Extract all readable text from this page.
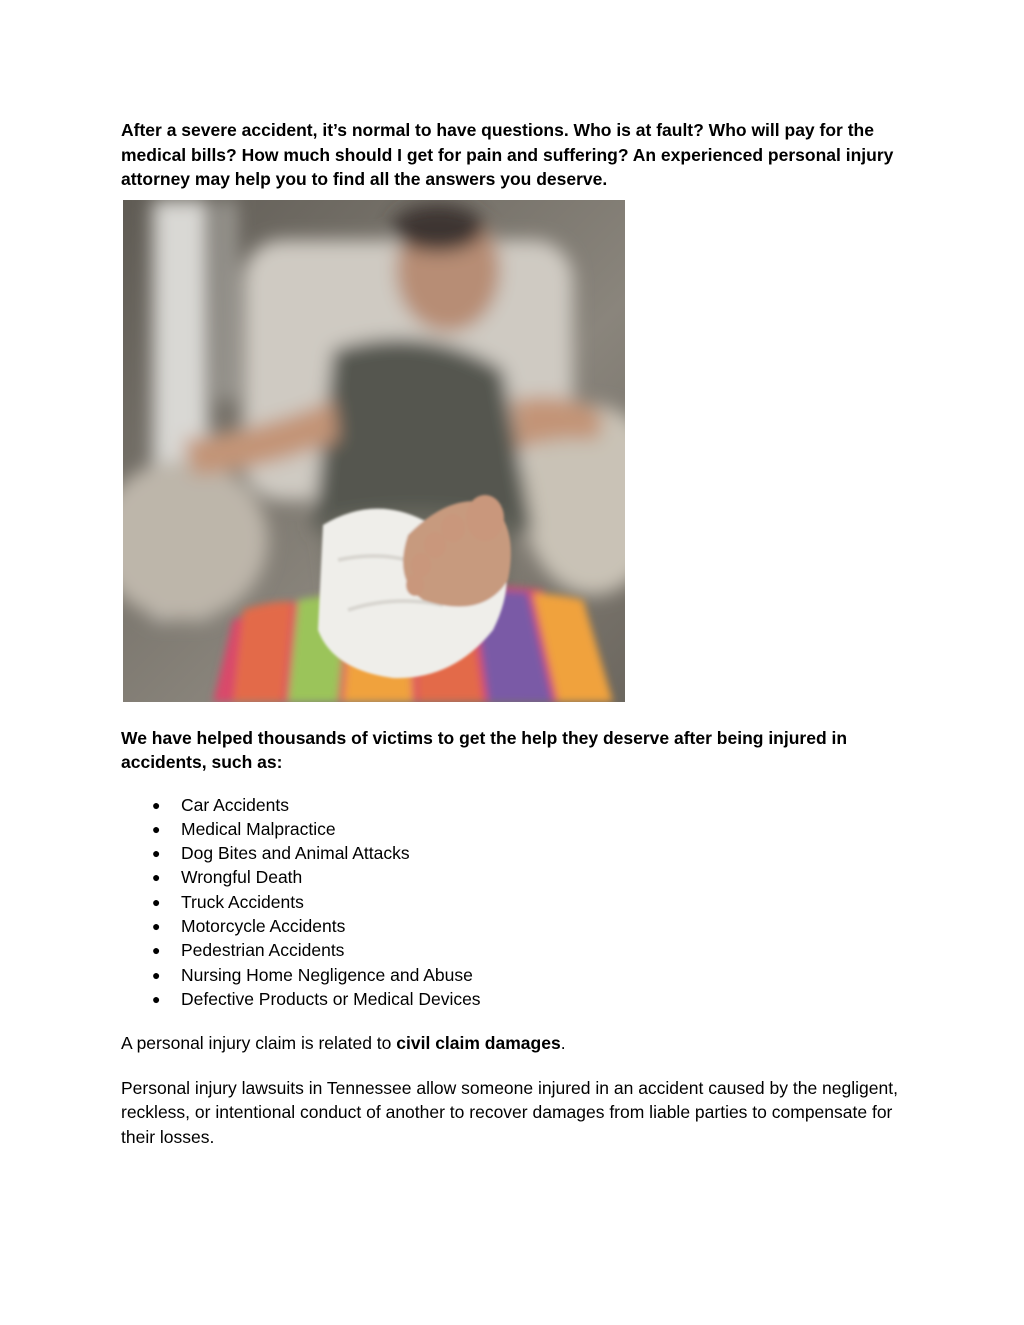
After a severe accident, it’s normal to have questions. Who is at fault? Who will pay for the medical bills? How much should I get for pain and suffering? An experienced personal injury attorney may help you to find all the answers you deserve.

We have helped thousands of victims to get the help they deserve after being injured in accidents, such as:

● Car Accidents
● Medical Malpractice
● Dog Bites and Animal Attacks
● Wrongful Death
● Truck Accidents
● Motorcycle Accidents
● Pedestrian Accidents
● Nursing Home Negligence and Abuse
● Defective Products or Medical Devices

A personal injury claim is related to civil claim damages.

Personal injury lawsuits in Tennessee allow someone injured in an accident caused by the negligent, reckless, or intentional conduct of another to recover damages from liable parties to compensate for their losses.
